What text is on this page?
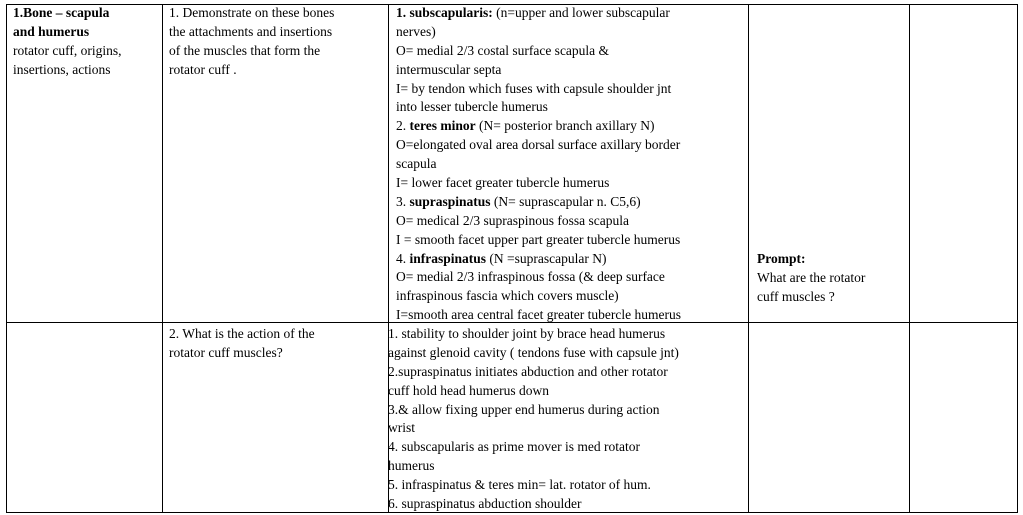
1.Bone – scapula
and humerus
rotator cuff, origins,
insertions, actions
1. Demonstrate on these bones
the attachments and insertions
of the muscles that form the
rotator cuff .
1. subscapularis: (n=upper and lower subscapular
nerves)
O= medial 2/3 costal surface scapula &
intermuscular septa
I= by tendon which fuses with capsule shoulder jnt
into lesser tubercle humerus
2. teres minor (N= posterior branch axillary N)
O=elongated oval area dorsal surface axillary border
scapula
I= lower facet greater tubercle humerus
3. supraspinatus (N= suprascapular n. C5,6)
O= medical 2/3 supraspinous fossa scapula
I = smooth facet upper part greater tubercle humerus
4. infraspinatus (N =suprascapular N)
O= medial 2/3 infraspinous fossa (& deep surface
infraspinous fascia which covers muscle)
I=smooth area central facet greater tubercle humerus
Prompt:
What are the rotator
cuff muscles ?
2. What is the action of the
rotator cuff muscles?
1. stability to shoulder joint by brace head humerus
against glenoid cavity ( tendons fuse with capsule jnt)
2.supraspinatus initiates abduction and other rotator
cuff hold head humerus down
3.& allow fixing upper end humerus during action
wrist
4. subscapularis as prime mover is med rotator
humerus
5. infraspinatus & teres min= lat. rotator of hum.
6. supraspinatus abduction shoulder
